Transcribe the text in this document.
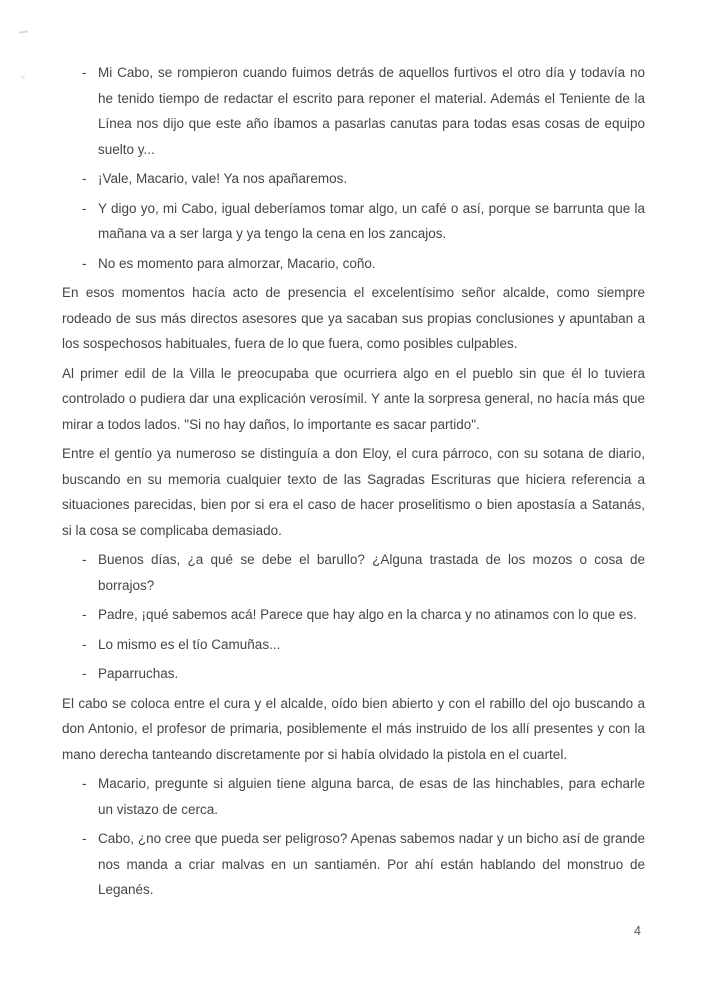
- Mi Cabo, se rompieron cuando fuimos detrás de aquellos furtivos el otro día y todavía no he tenido tiempo de redactar el escrito para reponer el material. Además el Teniente de la Línea nos dijo que este año íbamos a pasarlas canutas para todas esas cosas de equipo suelto y...
- ¡Vale, Macario, vale! Ya nos apañaremos.
- Y digo yo, mi Cabo, igual deberíamos tomar algo, un café o así, porque se barrunta que la mañana va a ser larga y ya tengo la cena en los zancajos.
- No es momento para almorzar, Macario, coño.
En esos momentos hacía acto de presencia el excelentísimo señor alcalde, como siempre rodeado de sus más directos asesores que ya sacaban sus propias conclusiones y apuntaban a los sospechosos habituales, fuera de lo que fuera, como posibles culpables.
Al primer edil de la Villa le preocupaba que ocurriera algo en el pueblo sin que él lo tuviera controlado o pudiera dar una explicación verosímil. Y ante la sorpresa general, no hacía más que mirar a todos lados. "Si no hay daños, lo importante es sacar partido".
Entre el gentío ya numeroso se distinguía a don Eloy, el cura párroco, con su sotana de diario, buscando en su memoria cualquier texto de las Sagradas Escrituras que hiciera referencia a situaciones parecidas, bien por si era el caso de hacer proselitismo o bien apostasía a Satanás, si la cosa se complicaba demasiado.
- Buenos días, ¿a qué se debe el barullo? ¿Alguna trastada de los mozos o cosa de borrajos?
- Padre, ¡qué sabemos acá! Parece que hay algo en la charca y no atinamos con lo que es.
- Lo mismo es el tío Camuñas...
- Paparruchas.
El cabo se coloca entre el cura y el alcalde, oído bien abierto y con el rabillo del ojo buscando a don Antonio, el profesor de primaria, posiblemente el más instruido de los allí presentes y con la mano derecha tanteando discretamente por si había olvidado la pistola en el cuartel.
- Macario, pregunte si alguien tiene alguna barca, de esas de las hinchables, para echarle un vistazo de cerca.
- Cabo, ¿no cree que pueda ser peligroso? Apenas sabemos nadar y un bicho así de grande nos manda a criar malvas en un santiamén. Por ahí están hablando del monstruo de Leganés.
4
